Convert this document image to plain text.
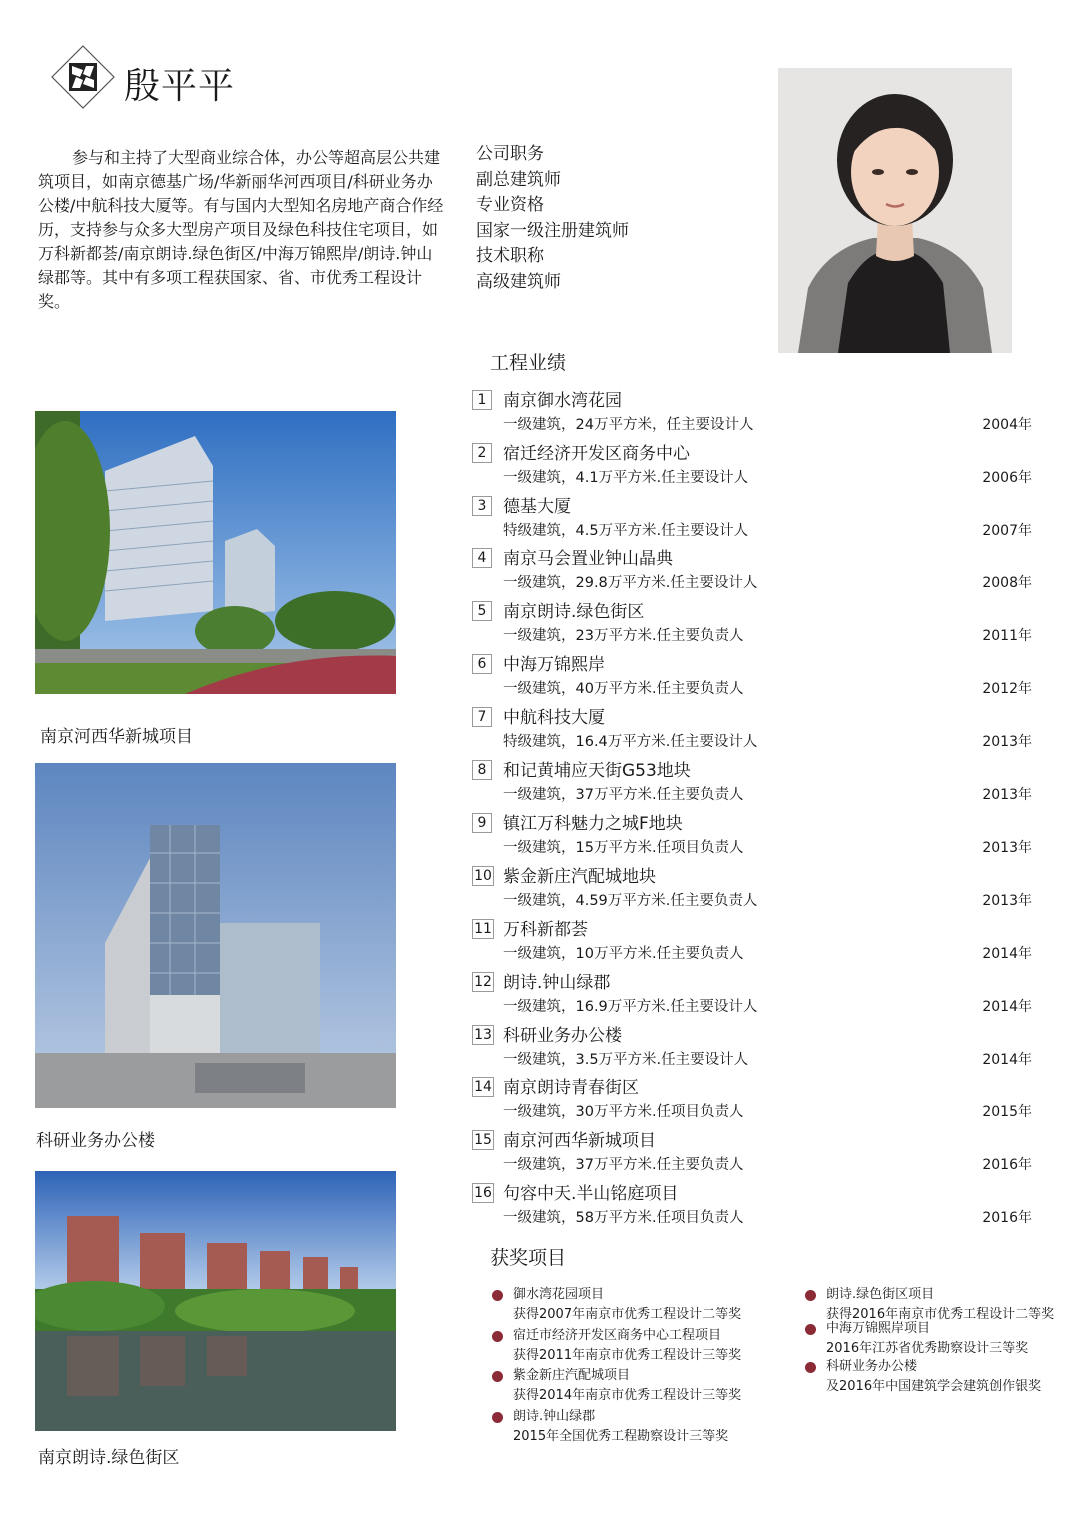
殷平平
参与和主持了大型商业综合体，办公等超高层公共建筑项目，如南京德基广场/华新丽华河西项目/科研业务办公楼/中航科技大厦等。有与国内大型知名房地产商合作经历，支持参与众多大型房产项目及绿色科技住宅项目，如万科新都荟/南京朗诗.绿色街区/中海万锦熙岸/朗诗.钟山绿郡等。其中有多项工程获国家、省、市优秀工程设计奖。
公司职务
副总建筑师
专业资格
国家一级注册建筑师
技术职称
高级建筑师
工程业绩
1 南京御水湾花园
一级建筑，24万平方米，任主要设计人	2004年
2 宿迁经济开发区商务中心
一级建筑，4.1万平方米.任主要设计人	2006年
3 德基大厦
特级建筑，4.5万平方米.任主要设计人	2007年
4 南京马会置业钟山晶典
一级建筑，29.8万平方米.任主要设计人	2008年
5 南京朗诗.绿色街区
一级建筑，23万平方米.任主要负责人	2011年
6 中海万锦熙岸
一级建筑，40万平方米.任主要负责人	2012年
7 中航科技大厦
特级建筑，16.4万平方米.任主要设计人	2013年
8 和记黄埔应天街G53地块
一级建筑，37万平方米.任主要负责人	2013年
9 镇江万科魅力之城F地块
一级建筑，15万平方米.任项目负责人	2013年
10 紫金新庄汽配城地块
一级建筑，4.59万平方米.任主要负责人	2013年
11 万科新都荟
一级建筑，10万平方米.任主要负责人	2014年
12 朗诗.钟山绿郡
一级建筑，16.9万平方米.任主要设计人	2014年
13 科研业务办公楼
一级建筑，3.5万平方米.任主要设计人	2014年
14 南京朗诗青春街区
一级建筑，30万平方米.任项目负责人	2015年
15 南京河西华新城项目
一级建筑，37万平方米.任主要负责人	2016年
16 句容中天.半山铭庭项目
一级建筑，58万平方米.任项目负责人	2016年
获奖项目
御水湾花园项目
获得2007年南京市优秀工程设计二等奖
宿迁市经济开发区商务中心工程项目
获得2011年南京市优秀工程设计三等奖
紫金新庄汽配城项目
获得2014年南京市优秀工程设计三等奖
朗诗.钟山绿郡
2015年全国优秀工程勘察设计三等奖
朗诗.绿色街区项目
获得2016年南京市优秀工程设计二等奖
中海万锦熙岸项目
2016年江苏省优秀勘察设计三等奖
科研业务办公楼
及2016年中国建筑学会建筑创作银奖
南京河西华新城项目
科研业务办公楼
南京朗诗.绿色街区
